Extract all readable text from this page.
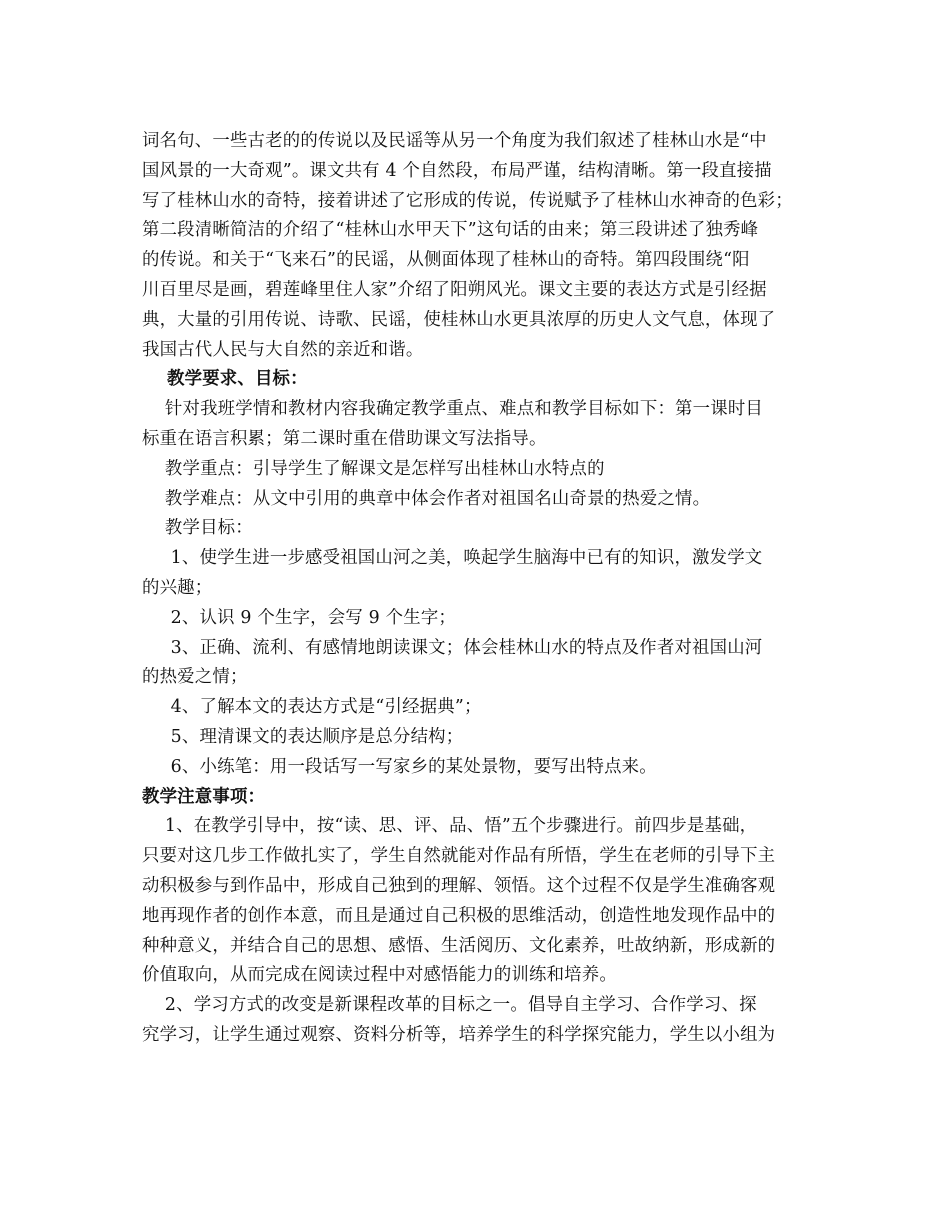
词名句、一些古老的的传说以及民谣等从另一个角度为我们叙述了桂林山水是“中
国风景的一大奇观”。课文共有 4 个自然段，布局严谨，结构清晰。第一段直接描
写了桂林山水的奇特，接着讲述了它形成的传说，传说赋予了桂林山水神奇的色彩；
第二段清晰简洁的介绍了“桂林山水甲天下”这句话的由来；第三段讲述了独秀峰
的传说。和关于“飞来石”的民谣，从侧面体现了桂林山的奇特。第四段围绕“阳
川百里尽是画，碧莲峰里住人家”介绍了阳朔风光。课文主要的表达方式是引经据
典，大量的引用传说、诗歌、民谣，使桂林山水更具浓厚的历史人文气息，体现了
我国古代人民与大自然的亲近和谐。
教学要求、目标：
针对我班学情和教材内容我确定教学重点、难点和教学目标如下：第一课时目
标重在语言积累；第二课时重在借助课文写法指导。
教学重点：引导学生了解课文是怎样写出桂林山水特点的
教学难点：从文中引用的典章中体会作者对祖国名山奇景的热爱之情。
教学目标：
1、使学生进一步感受祖国山河之美，唤起学生脑海中已有的知识，激发学文
的兴趣；
2、认识 9 个生字，会写 9 个生字；
3、正确、流利、有感情地朗读课文；体会桂林山水的特点及作者对祖国山河
的热爱之情；
4、了解本文的表达方式是“引经据典”；
5、理清课文的表达顺序是总分结构；
6、小练笔：用一段话写一写家乡的某处景物，要写出特点来。
教学注意事项：
1、在教学引导中，按“读、思、评、品、悟”五个步骤进行。前四步是基础，
只要对这几步工作做扎实了，学生自然就能对作品有所悟，学生在老师的引导下主
动积极参与到作品中，形成自己独到的理解、领悟。这个过程不仅是学生准确客观
地再现作者的创作本意，而且是通过自己积极的思维活动，创造性地发现作品中的
种种意义，并结合自己的思想、感悟、生活阅历、文化素养，吐故纳新，形成新的
价值取向，从而完成在阅读过程中对感悟能力的训练和培养。
2、学习方式的改变是新课程改革的目标之一。倡导自主学习、合作学习、探
究学习，让学生通过观察、资料分析等，培养学生的科学探究能力，学生以小组为
